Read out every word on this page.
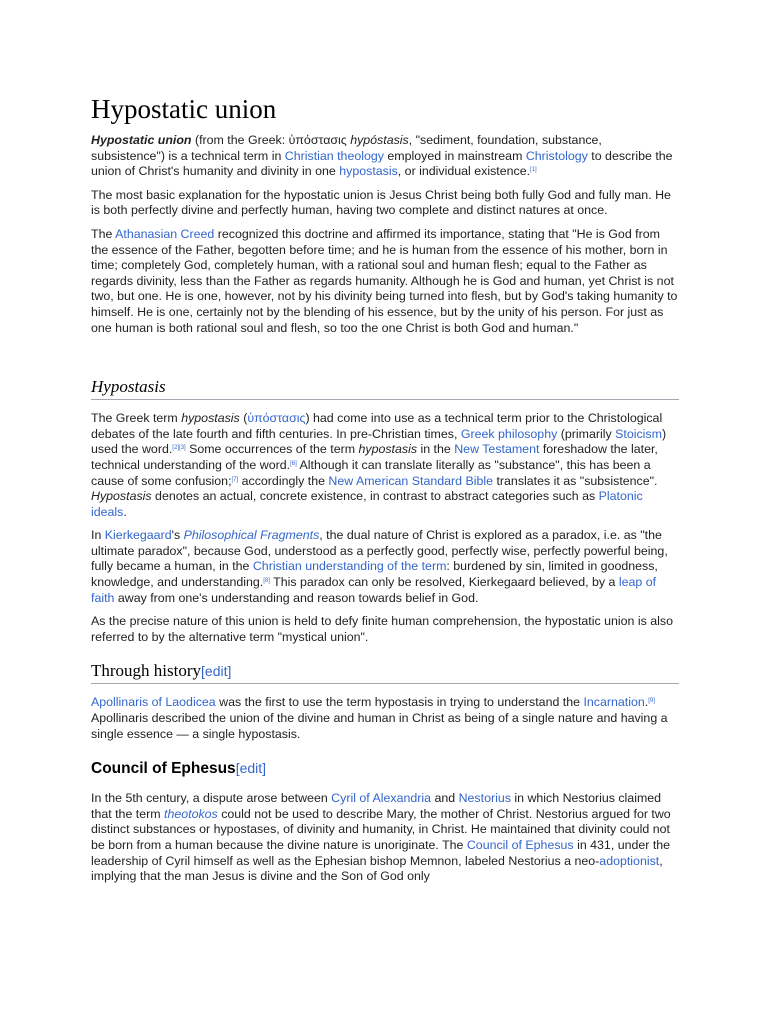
Hypostatic union

Hypostatic union (from the Greek: ὑπόστασις hypóstasis, "sediment, foundation, substance, subsistence") is a technical term in Christian theology employed in mainstream Christology to describe the union of Christ's humanity and divinity in one hypostasis, or individual existence.[1]

The most basic explanation for the hypostatic union is Jesus Christ being both fully God and fully man. He is both perfectly divine and perfectly human, having two complete and distinct natures at once.

The Athanasian Creed recognized this doctrine and affirmed its importance, stating that "He is God from the essence of the Father, begotten before time; and he is human from the essence of his mother, born in time; completely God, completely human, with a rational soul and human flesh; equal to the Father as regards divinity, less than the Father as regards humanity. Although he is God and human, yet Christ is not two, but one. He is one, however, not by his divinity being turned into flesh, but by God's taking humanity to himself. He is one, certainly not by the blending of his essence, but by the unity of his person. For just as one human is both rational soul and flesh, so too the one Christ is both God and human."

Hypostasis

The Greek term hypostasis (ὑπόστασις) had come into use as a technical term prior to the Christological debates of the late fourth and fifth centuries. In pre-Christian times, Greek philosophy (primarily Stoicism) used the word.[2][3] Some occurrences of the term hypostasis in the New Testament foreshadow the later, technical understanding of the word.[6] Although it can translate literally as "substance", this has been a cause of some confusion;[7] accordingly the New American Standard Bible translates it as "subsistence". Hypostasis denotes an actual, concrete existence, in contrast to abstract categories such as Platonic ideals.

In Kierkegaard's Philosophical Fragments, the dual nature of Christ is explored as a paradox, i.e. as "the ultimate paradox", because God, understood as a perfectly good, perfectly wise, perfectly powerful being, fully became a human, in the Christian understanding of the term: burdened by sin, limited in goodness, knowledge, and understanding.[8] This paradox can only be resolved, Kierkegaard believed, by a leap of faith away from one's understanding and reason towards belief in God.

As the precise nature of this union is held to defy finite human comprehension, the hypostatic union is also referred to by the alternative term "mystical union".

Through history[edit]

Apollinaris of Laodicea was the first to use the term hypostasis in trying to understand the Incarnation.[9] Apollinaris described the union of the divine and human in Christ as being of a single nature and having a single essence — a single hypostasis.

Council of Ephesus[edit]

In the 5th century, a dispute arose between Cyril of Alexandria and Nestorius in which Nestorius claimed that the term theotokos could not be used to describe Mary, the mother of Christ. Nestorius argued for two distinct substances or hypostases, of divinity and humanity, in Christ. He maintained that divinity could not be born from a human because the divine nature is unoriginate. The Council of Ephesus in 431, under the leadership of Cyril himself as well as the Ephesian bishop Memnon, labeled Nestorius a neo-adoptionist, implying that the man Jesus is divine and the Son of God only
